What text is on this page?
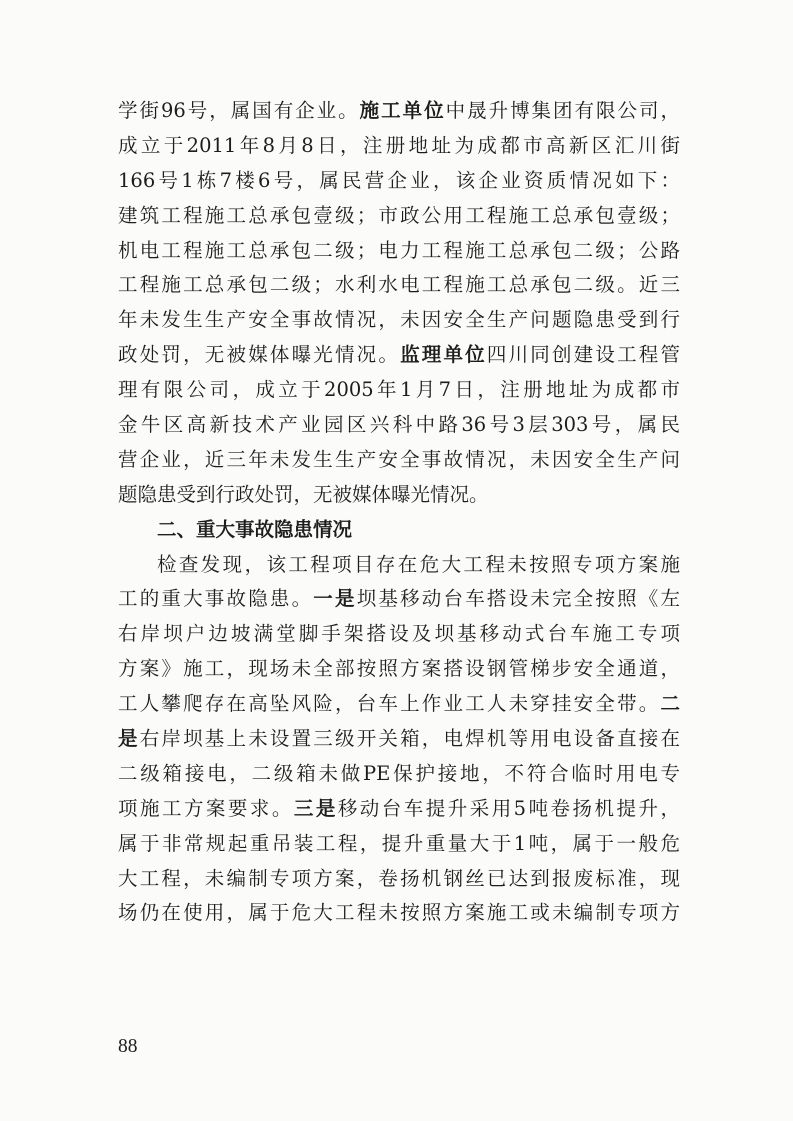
学街96号，属国有企业。施工单位中晟升博集团有限公司，
成立于2011年8月8日，注册地址为成都市高新区汇川街
166号1栋7楼6号，属民营企业，该企业资质情况如下：
建筑工程施工总承包壹级；市政公用工程施工总承包壹级；
机电工程施工总承包二级；电力工程施工总承包二级；公路
工程施工总承包二级；水利水电工程施工总承包二级。近三
年未发生生产安全事故情况，未因安全生产问题隐患受到行
政处罚，无被媒体曝光情况。监理单位四川同创建设工程管
理有限公司，成立于2005年1月7日，注册地址为成都市
金牛区高新技术产业园区兴科中路36号3层303号，属民
营企业，近三年未发生生产安全事故情况，未因安全生产问
题隐患受到行政处罚，无被媒体曝光情况。
二、重大事故隐患情况
检查发现，该工程项目存在危大工程未按照专项方案施
工的重大事故隐患。一是坝基移动台车搭设未完全按照《左
右岸坝户边坡满堂脚手架搭设及坝基移动式台车施工专项
方案》施工，现场未全部按照方案搭设钢管梯步安全通道，
工人攀爬存在高坠风险，台车上作业工人未穿挂安全带。二
是右岸坝基上未设置三级开关箱，电焊机等用电设备直接在
二级箱接电，二级箱未做PE保护接地，不符合临时用电专
项施工方案要求。三是移动台车提升采用5吨卷扬机提升，
属于非常规起重吊装工程，提升重量大于1吨，属于一般危
大工程，未编制专项方案，卷扬机钢丝已达到报废标准，现
场仍在使用，属于危大工程未按照方案施工或未编制专项方
88
